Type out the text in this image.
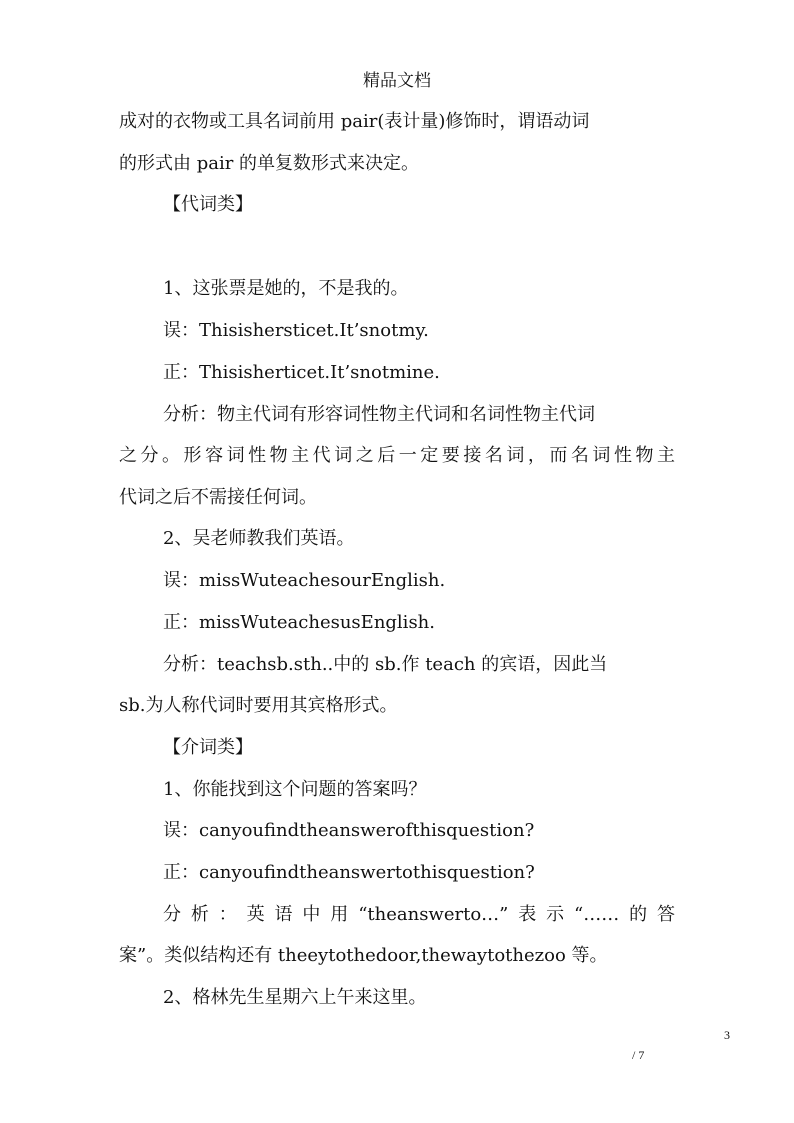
精品文档
成对的衣物或工具名词前用 pair(表计量)修饰时，谓语动词
的形式由 pair 的单复数形式来决定。
【代词类】
1、这张票是她的，不是我的。
误：Thisishersticet.It’snotmy.
正：Thisisherticet.It’snotmine.
分析：物主代词有形容词性物主代词和名词性物主代词
之分。形容词性物主代词之后一定要接名词，而名词性物主
代词之后不需接任何词。
2、吴老师教我们英语。
误：missWuteachesourEnglish.
正：missWuteachesusEnglish.
分析：teachsb.sth..中的 sb.作 teach 的宾语，因此当
sb.为人称代词时要用其宾格形式。
【介词类】
1、你能找到这个问题的答案吗？
误：canyoufindtheanswerofthisquestion?
正：canyoufindtheanswertothisquestion?
分析：英语中用“theanswerto…”表示“……的答
案”。类似结构还有 theeytothedoor,thewaytothezoo 等。
2、格林先生星期六上午来这里。
3
/ 7
